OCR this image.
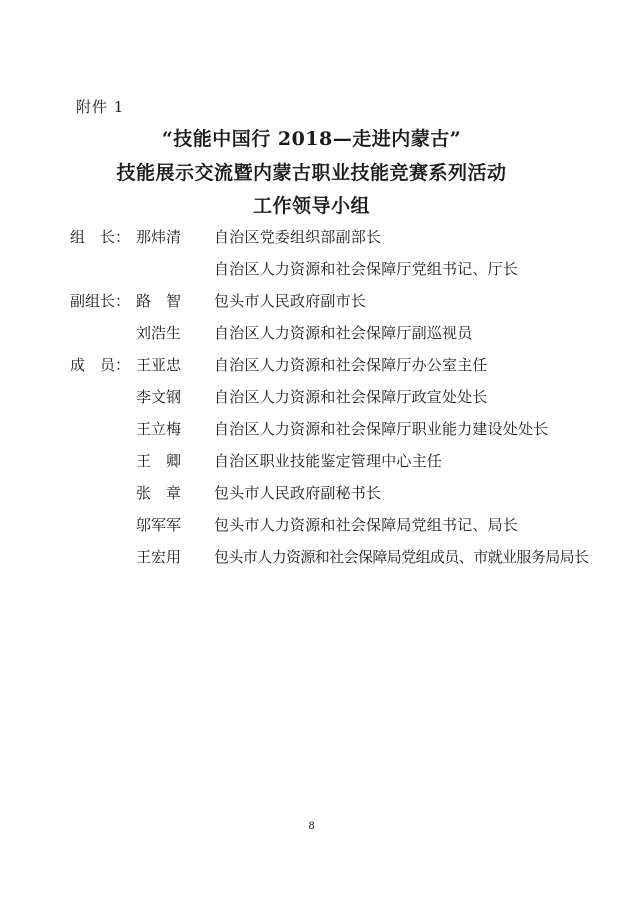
附件 1
“技能中国行 2018—走进内蒙古”
技能展示交流暨内蒙古职业技能竞赛系列活动
工作领导小组
组　长： 那炜清	自治区党委组织部副部长
自治区人力资源和社会保障厅党组书记、厅长
副组长： 路　智	包头市人民政府副市长
刘浩生	自治区人力资源和社会保障厅副巡视员
成　员： 王亚忠	自治区人力资源和社会保障厅办公室主任
李文钢	自治区人力资源和社会保障厅政宣处处长
王立梅	自治区人力资源和社会保障厅职业能力建设处处长
王　卿	自治区职业技能鉴定管理中心主任
张　章	包头市人民政府副秘书长
邬军军	包头市人力资源和社会保障局党组书记、局长
王宏用	包头市人力资源和社会保障局党组成员、市就业服务局局长
8
